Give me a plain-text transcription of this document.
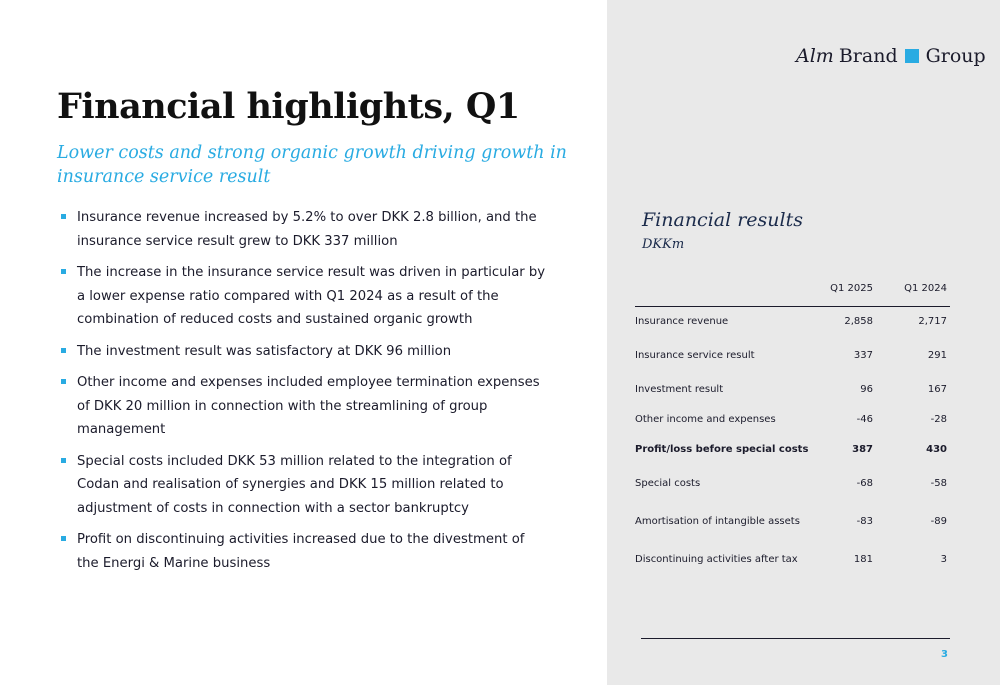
Alm Brand Group
Financial highlights, Q1
Lower costs and strong organic growth driving growth in insurance service result
Insurance revenue increased by 5.2% to over DKK 2.8 billion, and the insurance service result grew to DKK 337 million
The increase in the insurance service result was driven in particular by a lower expense ratio compared with Q1 2024 as a result of the combination of reduced costs and sustained organic growth
The investment result was satisfactory at DKK 96 million
Other income and expenses included employee termination expenses of DKK 20 million in connection with the streamlining of group management
Special costs included DKK 53 million related to the integration of Codan and realisation of synergies and DKK 15 million related to adjustment of costs in connection with a sector bankruptcy
Profit on discontinuing activities increased due to the divestment of the Energi & Marine business
Financial results
DKKm
Q1 2025	Q1 2024
Insurance revenue	2,858	2,717
Insurance service result	337	291
Investment result	96	167
Other income and expenses	-46	-28
Profit/loss before special costs	387	430
Special costs	-68	-58
Amortisation of intangible assets	-83	-89
Discontinuing activities after tax	181	3
3
